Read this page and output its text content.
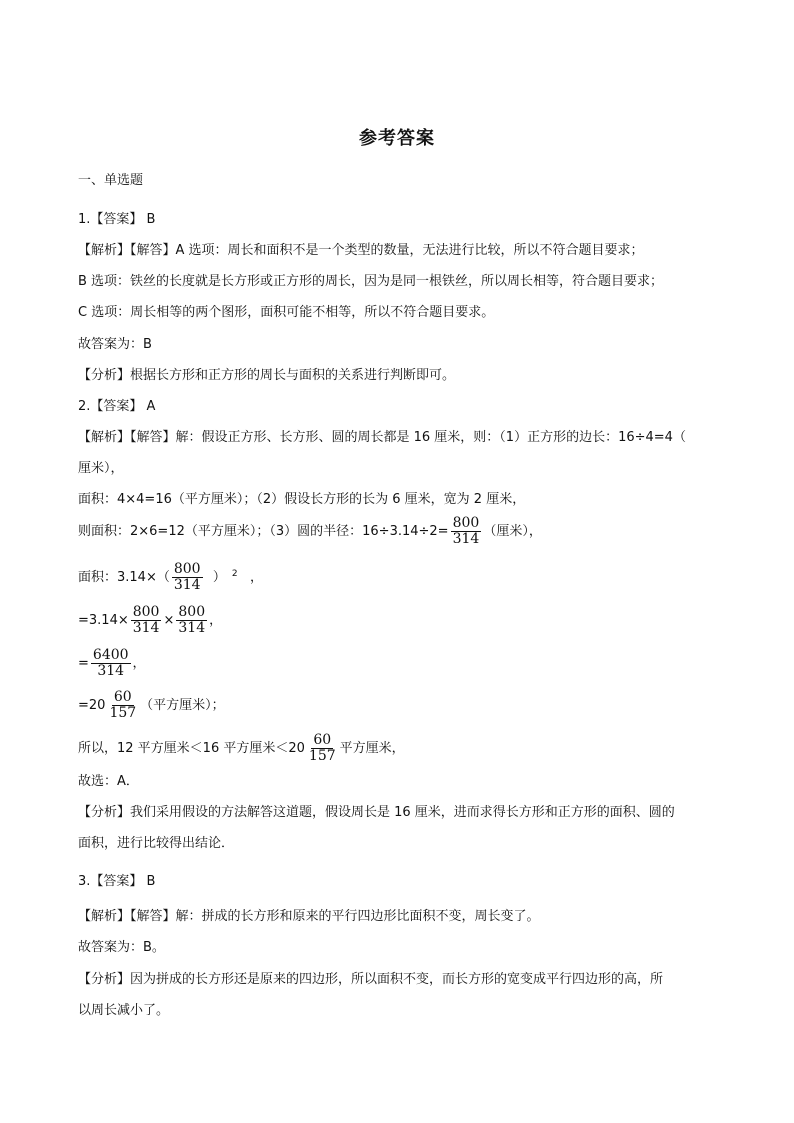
参考答案
一、单选题
1.【答案】 B
【解析】【解答】A 选项：周长和面积不是一个类型的数量，无法进行比较，所以不符合题目要求；
B 选项：铁丝的长度就是长方形或正方形的周长，因为是同一根铁丝，所以周长相等，符合题目要求；
C 选项：周长相等的两个图形，面积可能不相等，所以不符合题目要求。
故答案为：B
【分析】根据长方形和正方形的周长与面积的关系进行判断即可。
2.【答案】 A
【解析】【解答】解：假设正方形、长方形、圆的周长都是 16 厘米，则：（1）正方形的边长：16÷4=4（
厘米），
面积：4×4=16（平方厘米）；（2）假设长方形的长为 6 厘米，宽为 2 厘米，
则面积：2×6=12（平方厘米）；（3）圆的半径：$16\div 3.14\div 2= \frac{800}{314}$ （厘米），
面积：$3.14\times( \frac{800}{314}$ ） $^2$ ，
$=3.14\times \frac{800}{314} \times \frac{800}{314}$ ，
= $\frac{6400}{314}$ ，
$=20 \frac{60}{157}$ （平方厘米）；
所以，12 平方厘米＜16 平方厘米$<20 \frac{60}{157}$ 平方厘米，
故选：A．
【分析】我们采用假设的方法解答这道题，假设周长是 16 厘米，进而求得长方形和正方形的面积、圆的
面积，进行比较得出结论．
3.【答案】 B
【解析】【解答】解：拼成的长方形和原来的平行四边形比面积不变，周长变了。
故答案为：B。
【分析】因为拼成的长方形还是原来的四边形，所以面积不变，而长方形的宽变成平行四边形的高，所
以周长减小了。
